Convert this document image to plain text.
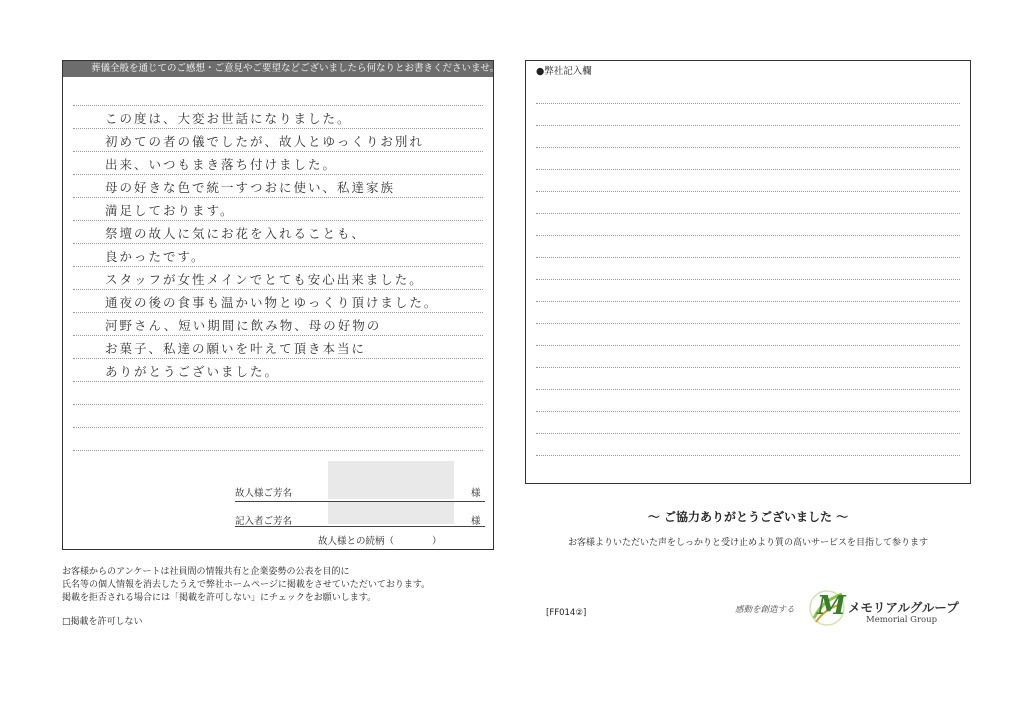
葬儀全般を通じてのご感想・ご意見やご要望などございましたら何なりとお書きくださいませ。
この度は、大変お世話になりました。
初めての者の儀でしたが、故人とゆっくりお別れ
出来、いつもまき落ち付けました。
母の好きな色で統一すつおに使い、私達家族
満足しております。
祭壇の故人に気にお花を入れることも、
良かったです。
スタッフが女性メインでとても安心出来ました。
通夜の後の食事も温かい物とゆっくり頂けました。
河野さん、短い期間に飲み物、母の好物の
お菓子、私達の願いを叶えて頂き本当に
ありがとうございました。
故人様ご芳名	様
記入者ご芳名	様
故人様との続柄（　　　　）
●弊社記入欄
～ ご協力ありがとうございました ～
お客様よりいただいた声をしっかりと受け止めより質の高いサービスを目指して参ります
お客様からのアンケートは社員間の情報共有と企業姿勢の公表を目的に
氏名等の個人情報を消去したうえで弊社ホームページに掲載をさせていただいております。
掲載を拒否される場合には「掲載を許可しない」にチェックをお願いします。
□掲載を許可しない
[FF014②]	感動を創造する M メモリアルグループ
Memorial Group
